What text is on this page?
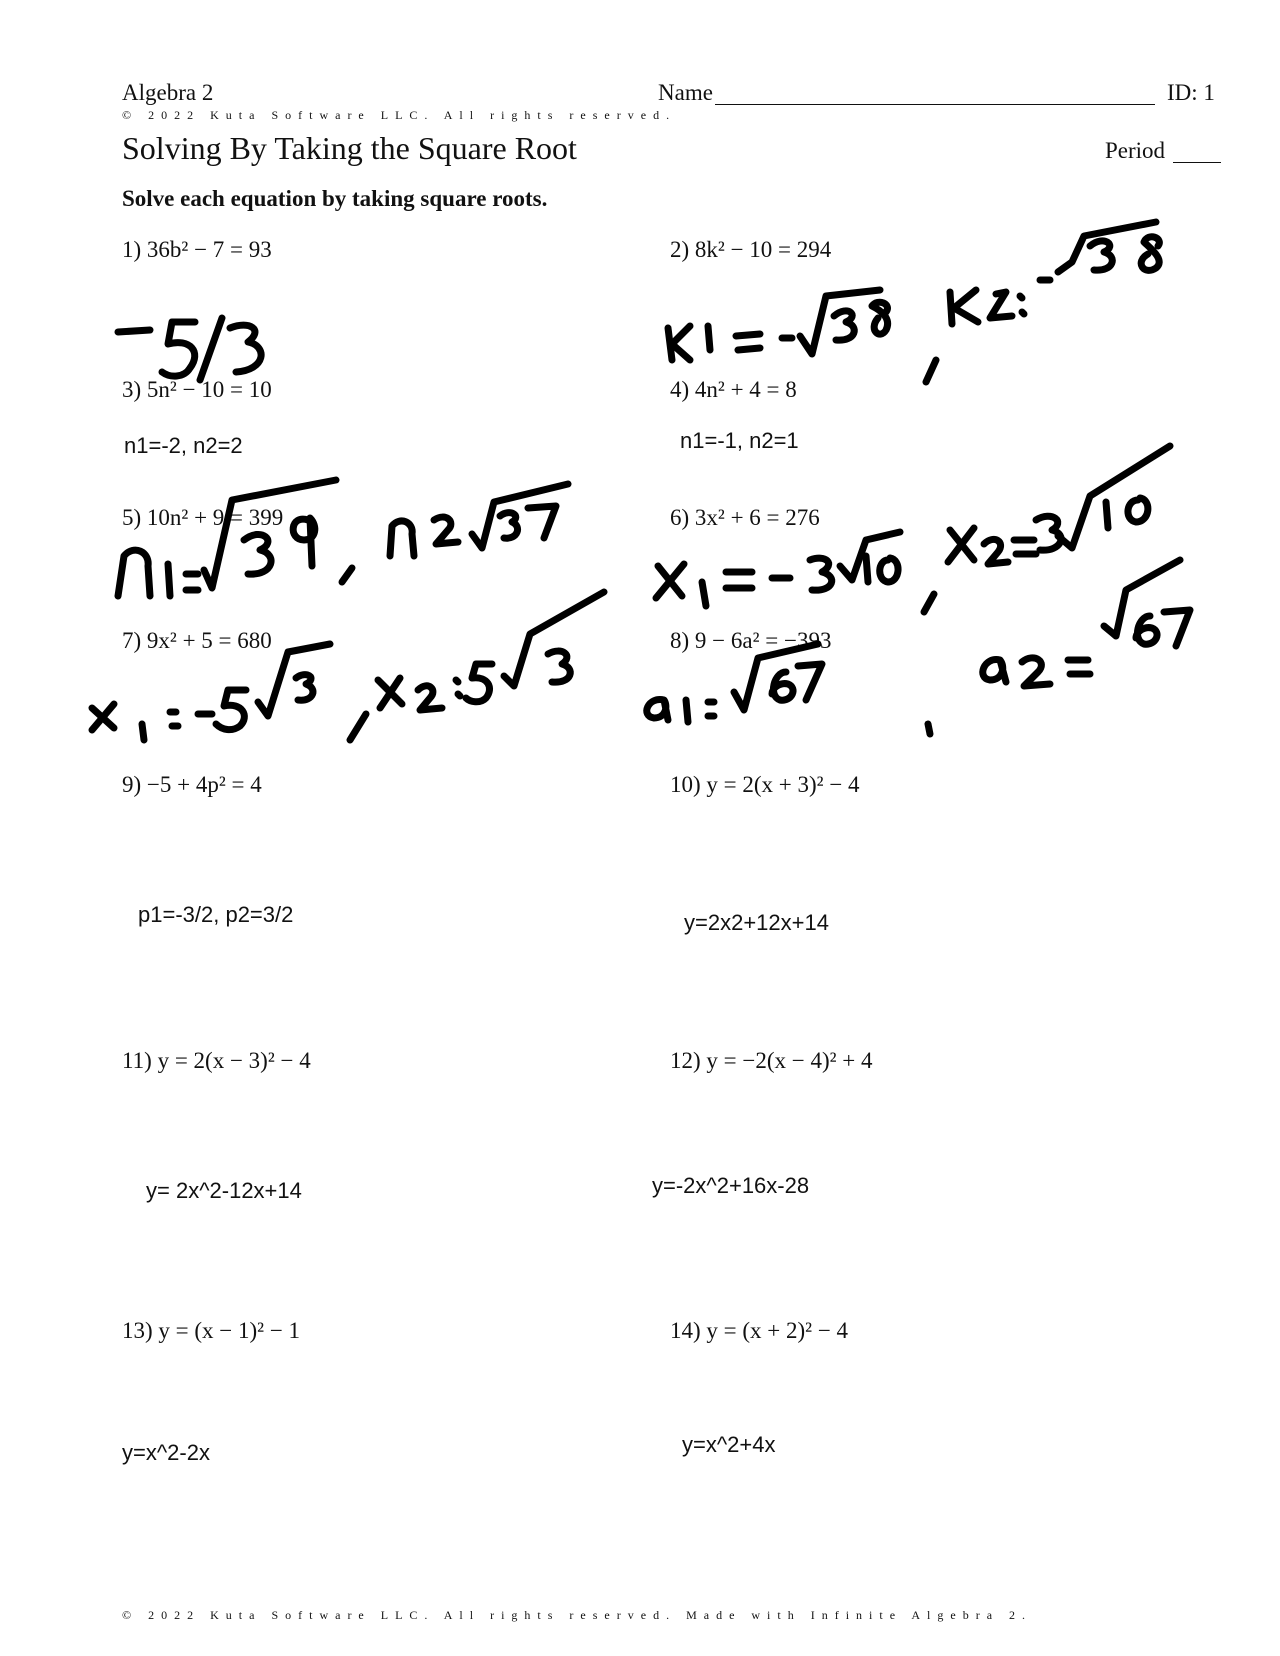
Algebra 2	Name	ID: 1
© 2022 Kuta Software LLC. All rights reserved.
Solving By Taking the Square Root	Period
Solve each equation by taking square roots.
1) 36b² − 7 = 93
3) 5n² − 10 = 10
5) 10n² + 9 = 399
7) 9x² + 5 = 680
9) −5 + 4p² = 4
11) y = 2(x − 3)² − 4
13) y = (x − 1)² − 1
2) 8k² − 10 = 294
4) 4n² + 4 = 8
6) 3x² + 6 = 276
8) 9 − 6a² = −393
10) y = 2(x + 3)² − 4
12) y = −2(x − 4)² + 4
14) y = (x + 2)² − 4
n1=-2, n2=2	n1=-1, n2=1
p1=-3/2, p2=3/2	y=2x2+12x+14
y= 2x^2-12x+14	y=-2x^2+16x-28
y=x^2-2x	y=x^2+4x
© 2022 Kuta Software LLC. All rights reserved. Made with Infinite Algebra 2.
